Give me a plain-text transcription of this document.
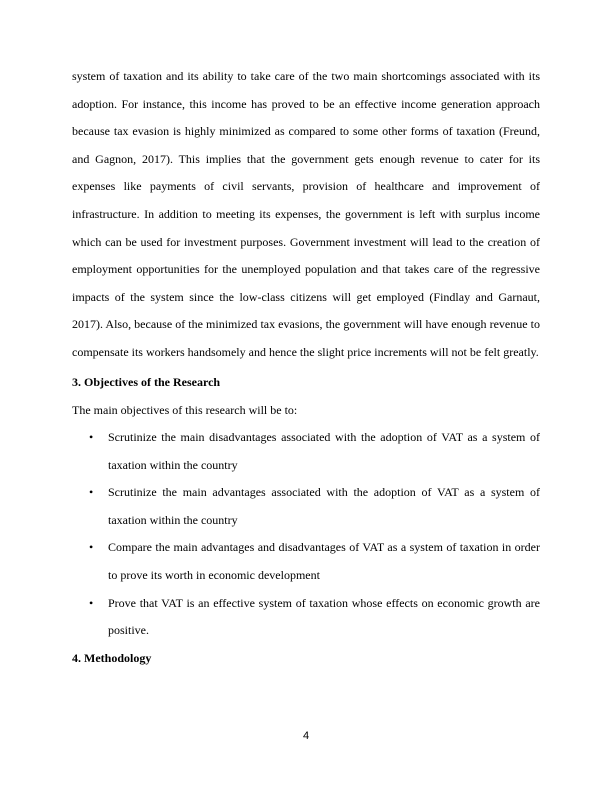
system of taxation and its ability to take care of the two main shortcomings associated with its adoption. For instance, this income has proved to be an effective income generation approach because tax evasion is highly minimized as compared to some other forms of taxation (Freund, and Gagnon, 2017). This implies that the government gets enough revenue to cater for its expenses like payments of civil servants, provision of healthcare and improvement of infrastructure. In addition to meeting its expenses, the government is left with surplus income which can be used for investment purposes. Government investment will lead to the creation of employment opportunities for the unemployed population and that takes care of the regressive impacts of the system since the low-class citizens will get employed (Findlay and Garnaut, 2017). Also, because of the minimized tax evasions, the government will have enough revenue to compensate its workers handsomely and hence the slight price increments will not be felt greatly.

3. Objectives of the Research

The main objectives of this research will be to:

• Scrutinize the main disadvantages associated with the adoption of VAT as a system of taxation within the country
• Scrutinize the main advantages associated with the adoption of VAT as a system of taxation within the country
• Compare the main advantages and disadvantages of VAT as a system of taxation in order to prove its worth in economic development
• Prove that VAT is an effective system of taxation whose effects on economic growth are positive.
4. Methodology
4
